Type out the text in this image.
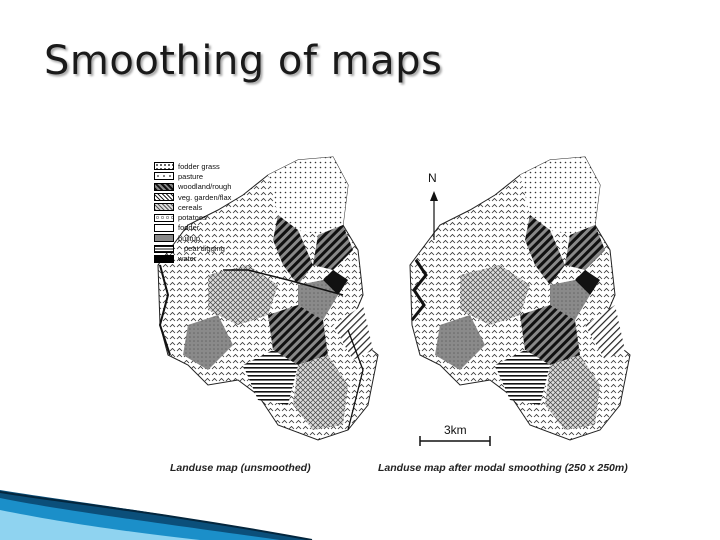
Smoothing of maps
fodder grass
pasture
woodland/rough
veg. garden/flax
cereals
potatoes
fodder
builtup
peat digging
water
N
3km
Landuse map (unsmoothed)	Landuse map after modal smoothing (250 x 250m)
